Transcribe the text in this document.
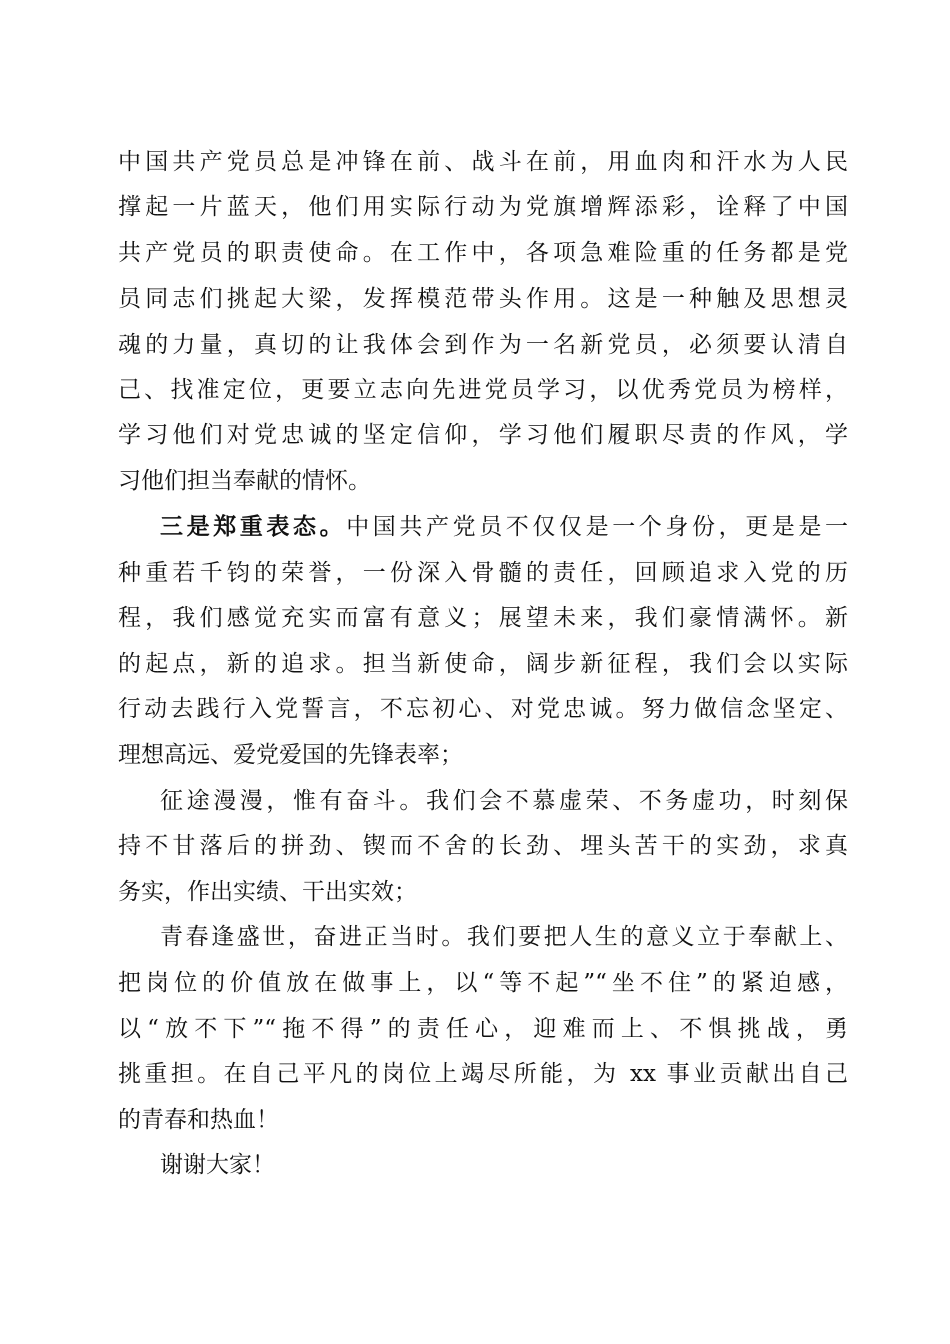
中国共产党员总是冲锋在前、战斗在前，用血肉和汗水为人民
撑起一片蓝天，他们用实际行动为党旗增辉添彩，诠释了中国
共产党员的职责使命。在工作中，各项急难险重的任务都是党
员同志们挑起大梁，发挥模范带头作用。这是一种触及思想灵
魂的力量，真切的让我体会到作为一名新党员，必须要认清自
己、找准定位，更要立志向先进党员学习，以优秀党员为榜样，
学习他们对党忠诚的坚定信仰，学习他们履职尽责的作风，学
习他们担当奉献的情怀。
三是郑重表态。中国共产党员不仅仅是一个身份，更是是一
种重若千钧的荣誉，一份深入骨髓的责任，回顾追求入党的历
程，我们感觉充实而富有意义；展望未来，我们豪情满怀。新
的起点，新的追求。担当新使命，阔步新征程，我们会以实际
行动去践行入党誓言，不忘初心、对党忠诚。努力做信念坚定、
理想高远、爱党爱国的先锋表率；
征途漫漫，惟有奋斗。我们会不慕虚荣、不务虚功，时刻保
持不甘落后的拼劲、锲而不舍的长劲、埋头苦干的实劲，求真
务实，作出实绩、干出实效；
青春逢盛世，奋进正当时。我们要把人生的意义立于奉献上、
把岗位的价值放在做事上，以“等不起”“坐不住”的紧迫感，
以“放不下”“拖不得”的责任心，迎难而上、不惧挑战，勇
挑重担。在自己平凡的岗位上竭尽所能，为 xx 事业贡献出自己
的青春和热血！
谢谢大家！
